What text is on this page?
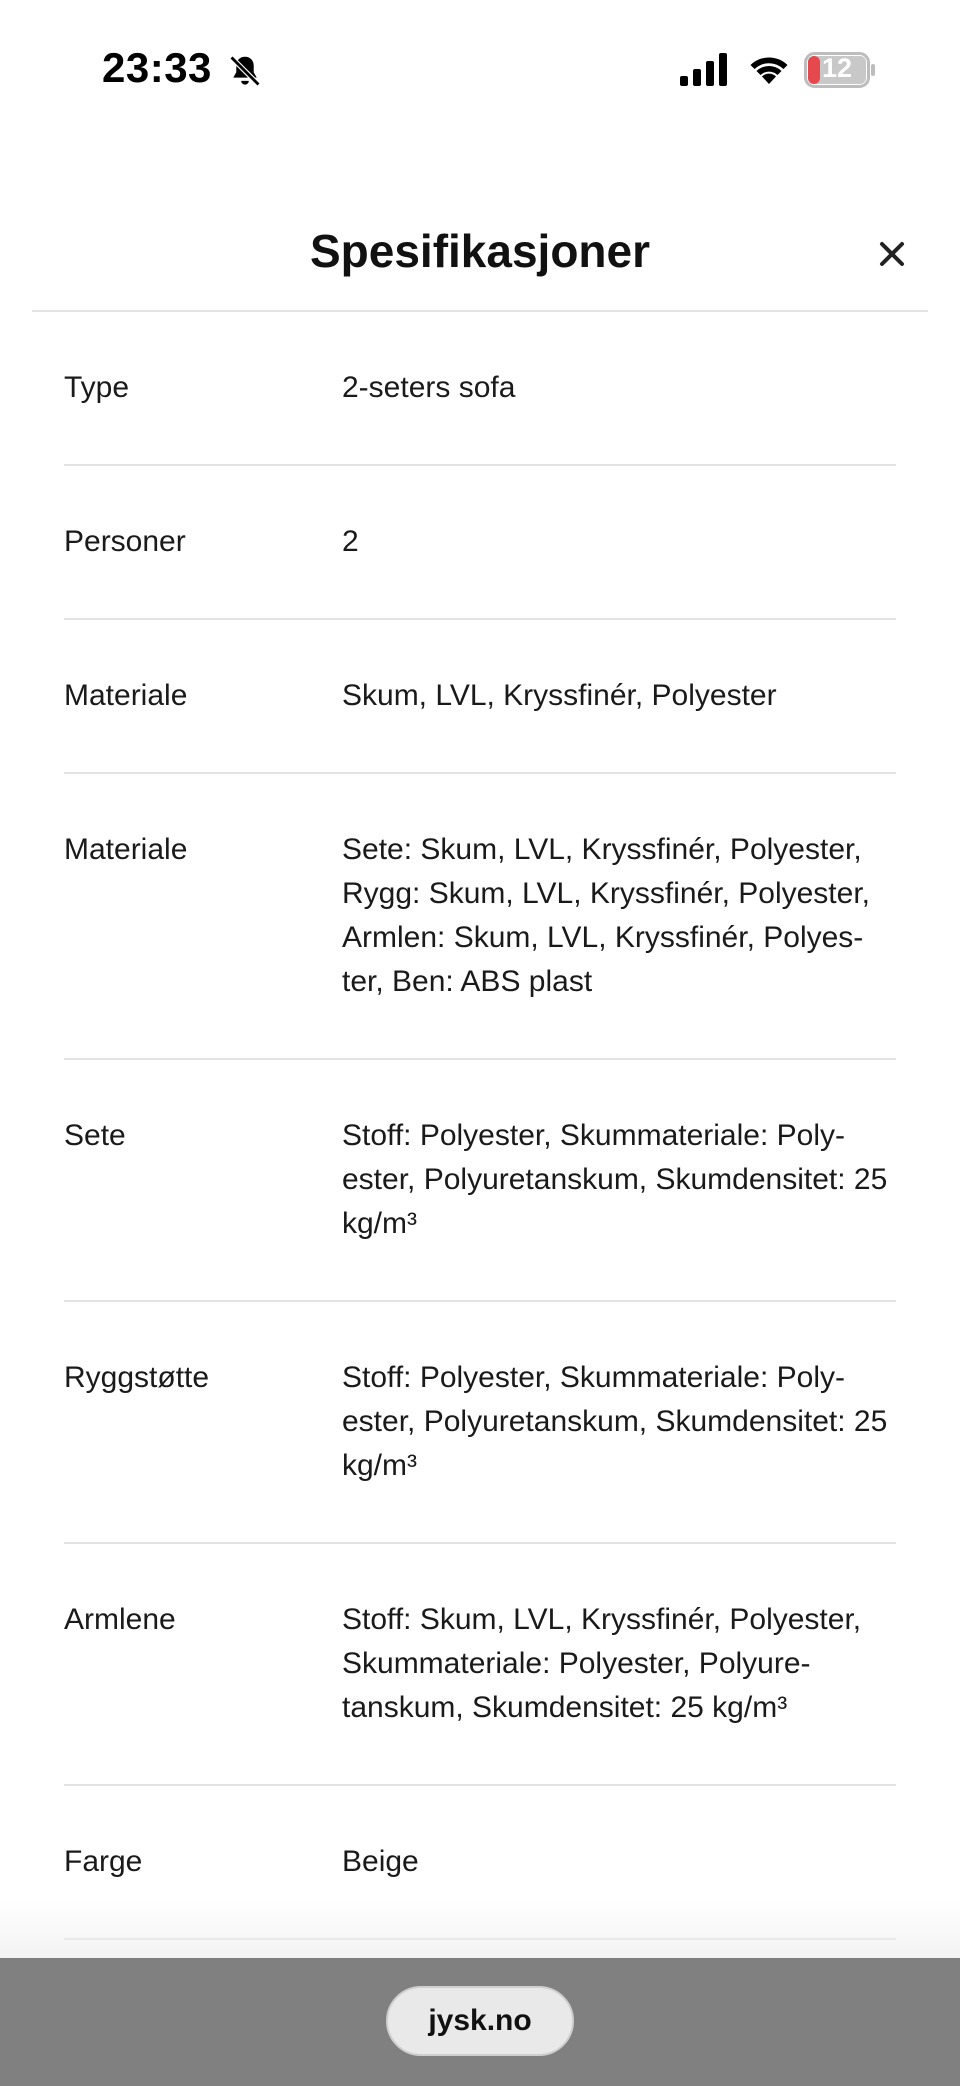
23:33	12
Spesifikasjoner
Type	2-seters sofa
Personer	2
Materiale	Skum, LVL, Kryssfinér, Polyester
Materiale	Sete: Skum, LVL, Kryssfinér, Polyester, Rygg: Skum, LVL, Kryssfinér, Polyester, Armlen: Skum, LVL, Kryssfinér, Polyes-ter, Ben: ABS plast
Sete	Stoff: Polyester, Skummateriale: Poly-ester, Polyuretanskum, Skumdensitet: 25 kg/m³
Ryggstøtte	Stoff: Polyester, Skummateriale: Poly-ester, Polyuretanskum, Skumdensitet: 25 kg/m³
Armlene	Stoff: Skum, LVL, Kryssfinér, Polyester, Skummateriale: Polyester, Polyure-tanskum, Skumdensitet: 25 kg/m³
Farge	Beige
jysk.no
